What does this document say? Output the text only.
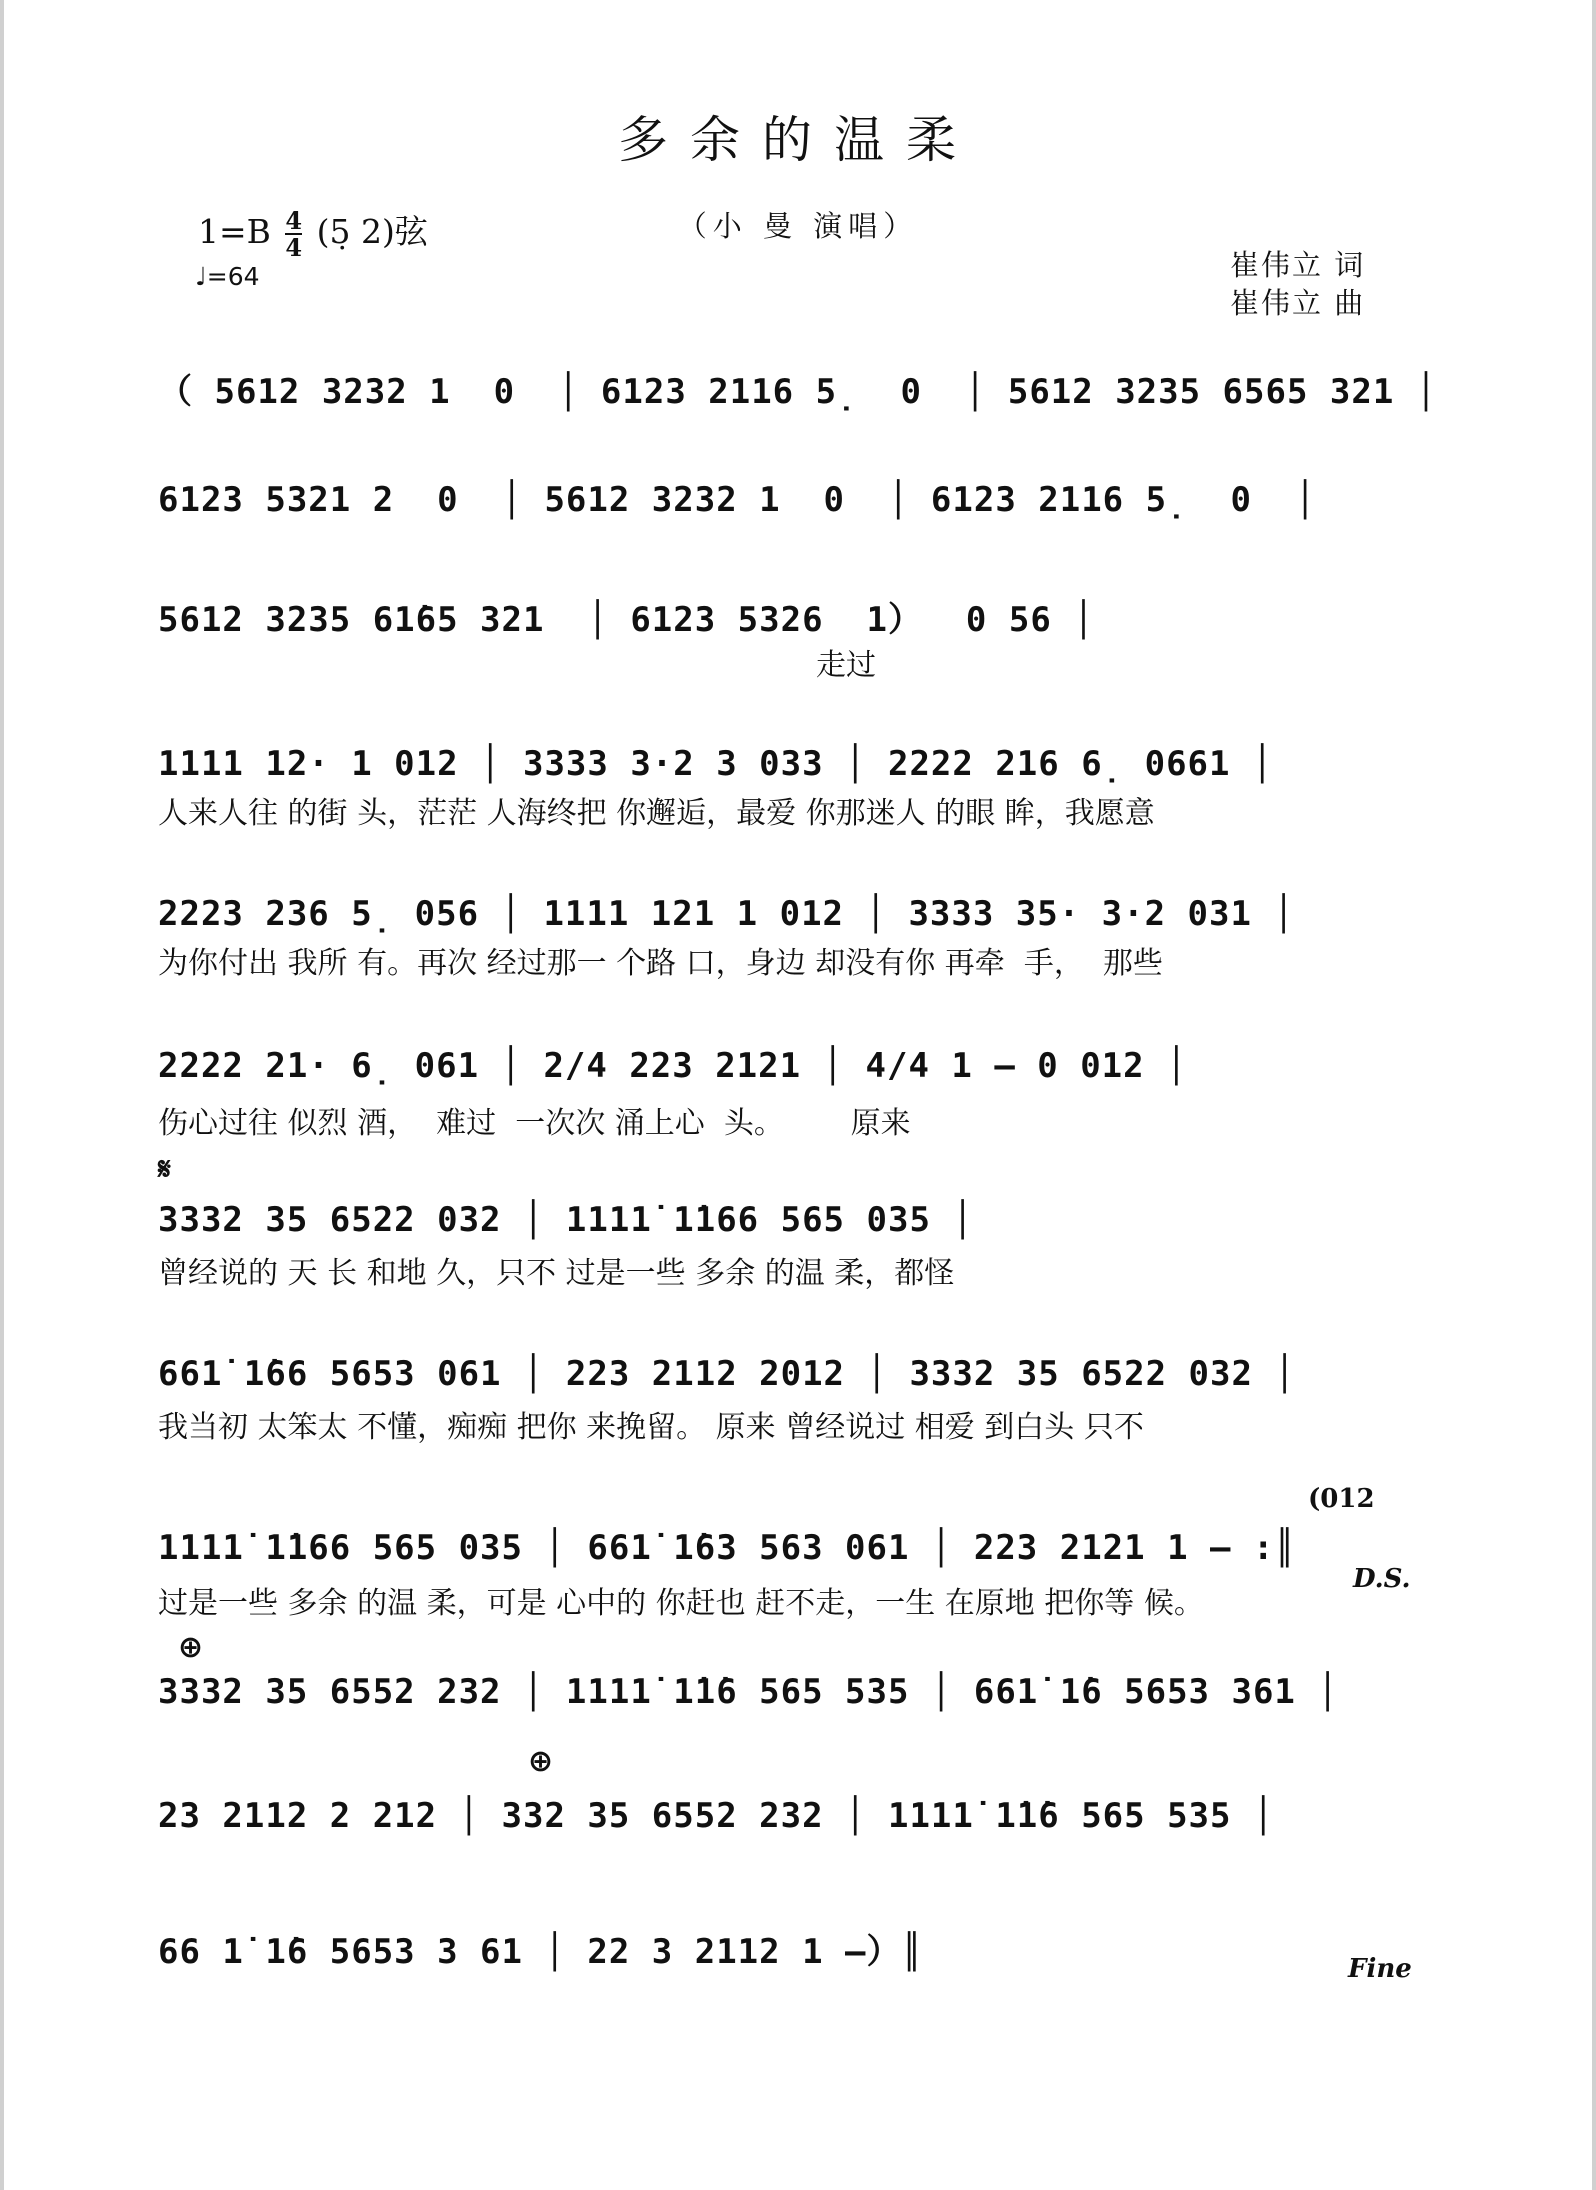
多余的温柔
（小 曼 演唱）
$1=B \frac{4}{4}$ (5̣ 2)弦
♩=64	崔伟立 词
崔伟立 曲
（ 5612 3232 1  0  │ 6123 2116 5̣  0  │ 5612 3235 6565 321 │
6123 5321 2  0  │ 5612 3232 1  0  │ 6123 2116 5̣  0  │
5612 3235 61̇65 321  │ 6123 5326  1）  0 56 │
走过
1111 12· 1 012 │ 3333 3·2 3 033 │ 2222 216 6̣ 0661 │
人来人往 的街 头，茫茫 人海终把 你邂逅，最爱 你那迷人 的眼 眸，我愿意
2223 236 5̣ 056 │ 1111 121 1 012 │ 3333 35· 3·2 031 │
为你付出 我所 有。再次 经过那一 个路 口，身边 却没有你 再牵  手，  那些
2222 21· 6̣ 061 │ 2/4 223 2121 │ 4/4 1 – 0 012 │
伤心过往 似烈 酒，  难过  一次次 涌上心  头。       原来
𝄋
3332 35 6522 032 │ 1111̇ 1̇166 565 035 │
曾经说的 天 长 和地 久，只不 过是一些 多余 的温 柔，都怪
661̇ 1̇66 5653 061 │ 223 2112 2012 │ 3332 35 6522 032 │
我当初 太笨太 不懂，痴痴 把你 来挽留。 原来 曾经说过 相爱 到白头 只不
(012
1111̇ 1̇166 565 035 │ 661̇ 1̇63 563 061 │ 223 2121 1 – :║
过是一些 多余 的温 柔，可是 心中的 你赶也 赶不走，一生 在原地 把你等 候。
D.S.
⊕
3332 35 6552 232 │ 1111̇ 1̇1̇6 565 535 │ 661̇ 1̇6 5653 361 │
⊕
23 2112 2 212 │ 332 35 6552 232 │ 1111̇ 1̇1̇6 565 535 │
66 1̇ 1̇6 5653 3 61 │ 22 3 2112 1 –）║	Fine
